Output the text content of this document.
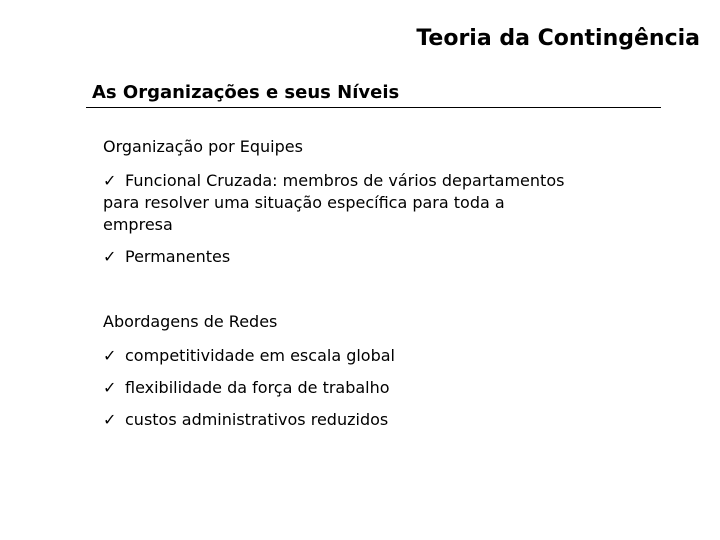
Teoria da Contingência
As Organizações e seus Níveis

Organização por Equipes

✓ Funcional Cruzada: membros de vários departamentos para resolver uma situação específica para toda a empresa

✓ Permanentes

Abordagens de Redes

✓ competitividade em escala global

✓ flexibilidade da força de trabalho

✓ custos administrativos reduzidos
